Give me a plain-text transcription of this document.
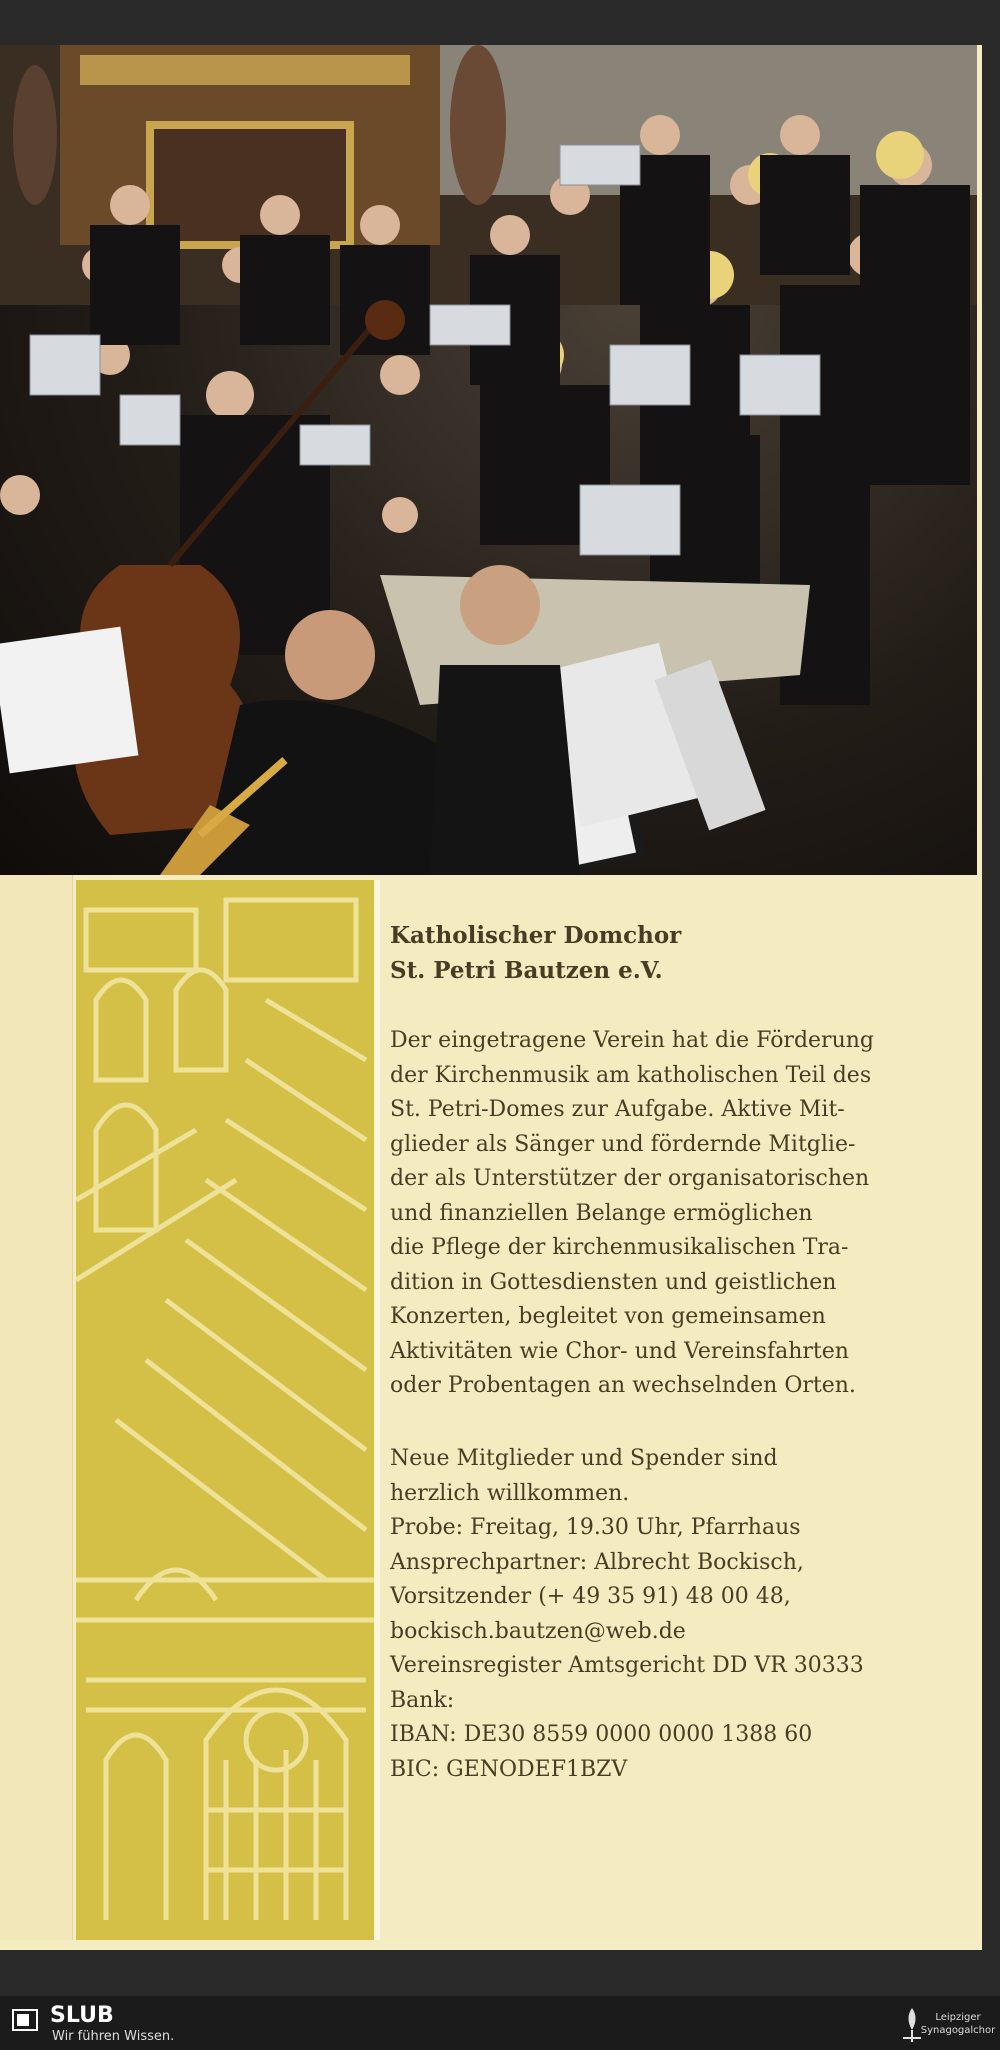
Katholischer Domchor
St. Petri Bautzen e.V.
Der eingetragene Verein hat die Förderung
der Kirchenmusik am katholischen Teil des
St. Petri-Domes zur Aufgabe. Aktive Mit-
glieder als Sänger und fördernde Mitglie-
der als Unterstützer der organisatorischen
und finanziellen Belange ermöglichen
die Pflege der kirchenmusikalischen Tra-
dition in Gottesdiensten und geistlichen
Konzerten, begleitet von gemeinsamen
Aktivitäten wie Chor- und Vereinsfahrten
oder Probentagen an wechselnden Orten.
Neue Mitglieder und Spender sind
herzlich willkommen.
Probe: Freitag, 19.30 Uhr, Pfarrhaus
Ansprechpartner: Albrecht Bockisch,
Vorsitzender (+ 49 35 91) 48 00 48,
bockisch.bautzen@web.de
Vereinsregister Amtsgericht DD VR 30333
Bank:
IBAN: DE30 8559 0000 0000 1388 60
BIC: GENODEF1BZV
SLUB
Wir führen Wissen.
Leipziger
Synagogalchor
